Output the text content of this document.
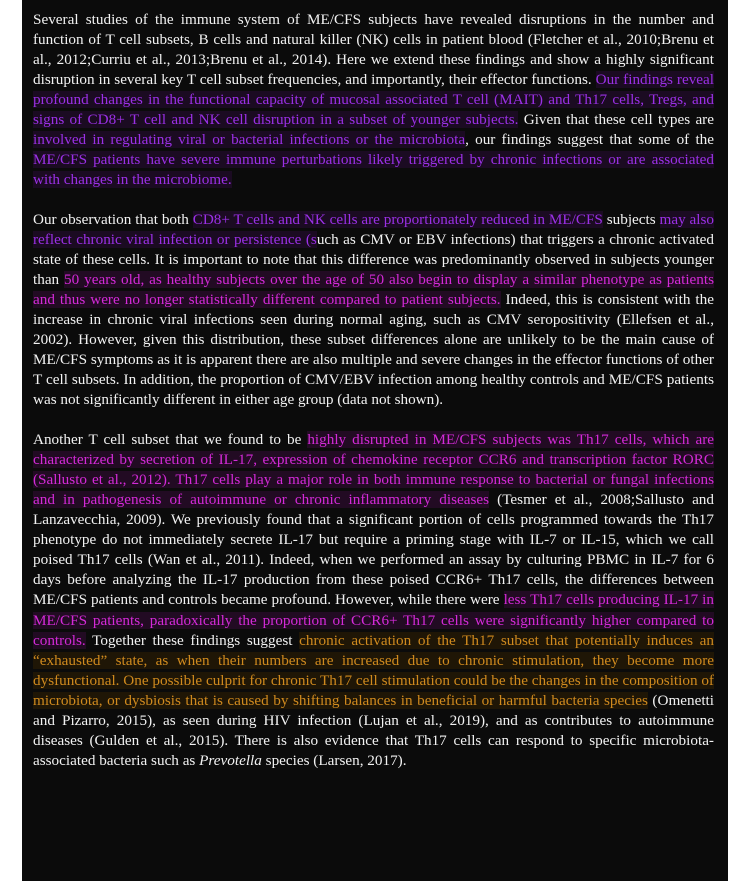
Several studies of the immune system of ME/CFS subjects have revealed disruptions in the number and function of T cell subsets, B cells and natural killer (NK) cells in patient blood (Fletcher et al., 2010;Brenu et al., 2012;Curriu et al., 2013;Brenu et al., 2014). Here we extend these findings and show a highly significant disruption in several key T cell subset frequencies, and importantly, their effector functions. Our findings reveal profound changes in the functional capacity of mucosal associated T cell (MAIT) and Th17 cells, Tregs, and signs of CD8+ T cell and NK cell disruption in a subset of younger subjects. Given that these cell types are involved in regulating viral or bacterial infections or the microbiota, our findings suggest that some of the ME/CFS patients have severe immune perturbations likely triggered by chronic infections or are associated with changes in the microbiome.

Our observation that both CD8+ T cells and NK cells are proportionately reduced in ME/CFS subjects may also reflect chronic viral infection or persistence (such as CMV or EBV infections) that triggers a chronic activated state of these cells. It is important to note that this difference was predominantly observed in subjects younger than 50 years old, as healthy subjects over the age of 50 also begin to display a similar phenotype as patients and thus were no longer statistically different compared to patient subjects. Indeed, this is consistent with the increase in chronic viral infections seen during normal aging, such as CMV seropositivity (Ellefsen et al., 2002). However, given this distribution, these subset differences alone are unlikely to be the main cause of ME/CFS symptoms as it is apparent there are also multiple and severe changes in the effector functions of other T cell subsets. In addition, the proportion of CMV/EBV infection among healthy controls and ME/CFS patients was not significantly different in either age group (data not shown).

Another T cell subset that we found to be highly disrupted in ME/CFS subjects was Th17 cells, which are characterized by secretion of IL-17, expression of chemokine receptor CCR6 and transcription factor RORC (Sallusto et al., 2012). Th17 cells play a major role in both immune response to bacterial or fungal infections and in pathogenesis of autoimmune or chronic inflammatory diseases (Tesmer et al., 2008;Sallusto and Lanzavecchia, 2009). We previously found that a significant portion of cells programmed towards the Th17 phenotype do not immediately secrete IL-17 but require a priming stage with IL-7 or IL-15, which we call poised Th17 cells (Wan et al., 2011). Indeed, when we performed an assay by culturing PBMC in IL-7 for 6 days before analyzing the IL-17 production from these poised CCR6+ Th17 cells, the differences between ME/CFS patients and controls became profound. However, while there were less Th17 cells producing IL-17 in ME/CFS patients, paradoxically the proportion of CCR6+ Th17 cells were significantly higher compared to controls. Together these findings suggest chronic activation of the Th17 subset that potentially induces an “exhausted” state, as when their numbers are increased due to chronic stimulation, they become more dysfunctional. One possible culprit for chronic Th17 cell stimulation could be the changes in the composition of microbiota, or dysbiosis that is caused by shifting balances in beneficial or harmful bacteria species (Omenetti and Pizarro, 2015), as seen during HIV infection (Lujan et al., 2019), and as contributes to autoimmune diseases (Gulden et al., 2015). There is also evidence that Th17 cells can respond to specific microbiota-associated bacteria such as Prevotella species (Larsen, 2017).
